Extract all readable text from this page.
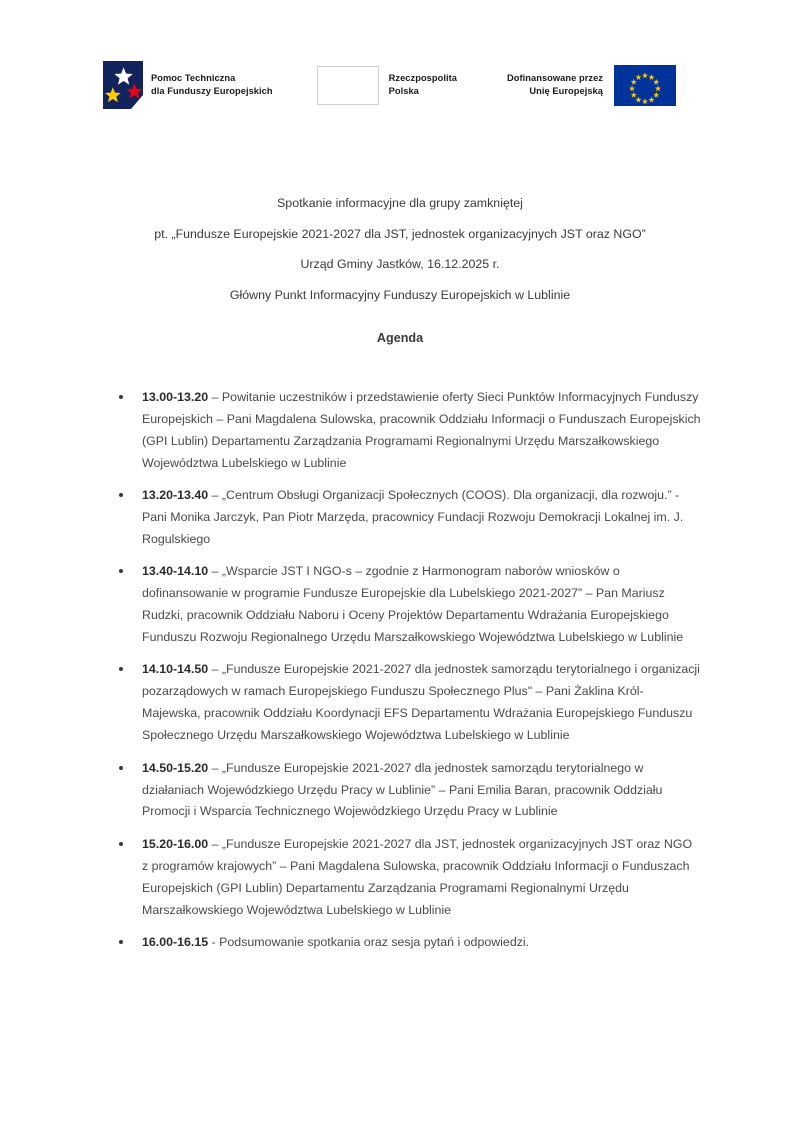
Pomoc Techniczna
dla Funduszy Europejskich
Rzeczpospolita
Polska
Dofinansowane przez
Unię Europejską
Spotkanie informacyjne dla grupy zamkniętej
pt. „Fundusze Europejskie 2021-2027 dla JST, jednostek organizacyjnych JST oraz NGO”
Urząd Gminy Jastków, 16.12.2025 r.
Główny Punkt Informacyjny Funduszy Europejskich w Lublinie
Agenda
13.00-13.20 – Powitanie uczestników i przedstawienie oferty Sieci Punktów Informacyjnych Funduszy Europejskich – Pani Magdalena Sulowska, pracownik Oddziału Informacji o Funduszach Europejskich (GPI Lublin) Departamentu Zarządzania Programami Regionalnymi Urzędu Marszałkowskiego Województwa Lubelskiego w Lublinie
13.20-13.40 – „Centrum Obsługi Organizacji Społecznych (COOS). Dla organizacji, dla rozwoju.” - Pani Monika Jarczyk, Pan Piotr Marzęda, pracownicy Fundacji Rozwoju Demokracji Lokalnej im. J. Rogulskiego
13.40-14.10 – „Wsparcie JST I NGO-s – zgodnie z Harmonogram naborów wniosków o dofinansowanie w programie Fundusze Europejskie dla Lubelskiego 2021-2027” – Pan Mariusz Rudzki, pracownik Oddziału Naboru i Oceny Projektów Departamentu Wdrażania Europejskiego Funduszu Rozwoju Regionalnego Urzędu Marszałkowskiego Województwa Lubelskiego w Lublinie
14.10-14.50 – „Fundusze Europejskie 2021-2027 dla jednostek samorządu terytorialnego i organizacji pozarządowych w ramach Europejskiego Funduszu Społecznego Plus" – Pani Żaklina Król-Majewska, pracownik Oddziału Koordynacji EFS Departamentu Wdrażania Europejskiego Funduszu Społecznego Urzędu Marszałkowskiego Województwa Lubelskiego w Lublinie
14.50-15.20 – „Fundusze Europejskie 2021-2027 dla jednostek samorządu terytorialnego w działaniach Wojewódzkiego Urzędu Pracy w Lublinie” – Pani Emilia Baran, pracownik Oddziału Promocji i Wsparcia Technicznego Wojewódzkiego Urzędu Pracy w Lublinie
15.20-16.00 – „Fundusze Europejskie 2021-2027 dla JST, jednostek organizacyjnych JST oraz NGO z programów krajowych” – Pani Magdalena Sulowska, pracownik Oddziału Informacji o Funduszach Europejskich (GPI Lublin) Departamentu Zarządzania Programami Regionalnymi Urzędu Marszałkowskiego Województwa Lubelskiego w Lublinie
16.00-16.15 - Podsumowanie spotkania oraz sesja pytań i odpowiedzi.
